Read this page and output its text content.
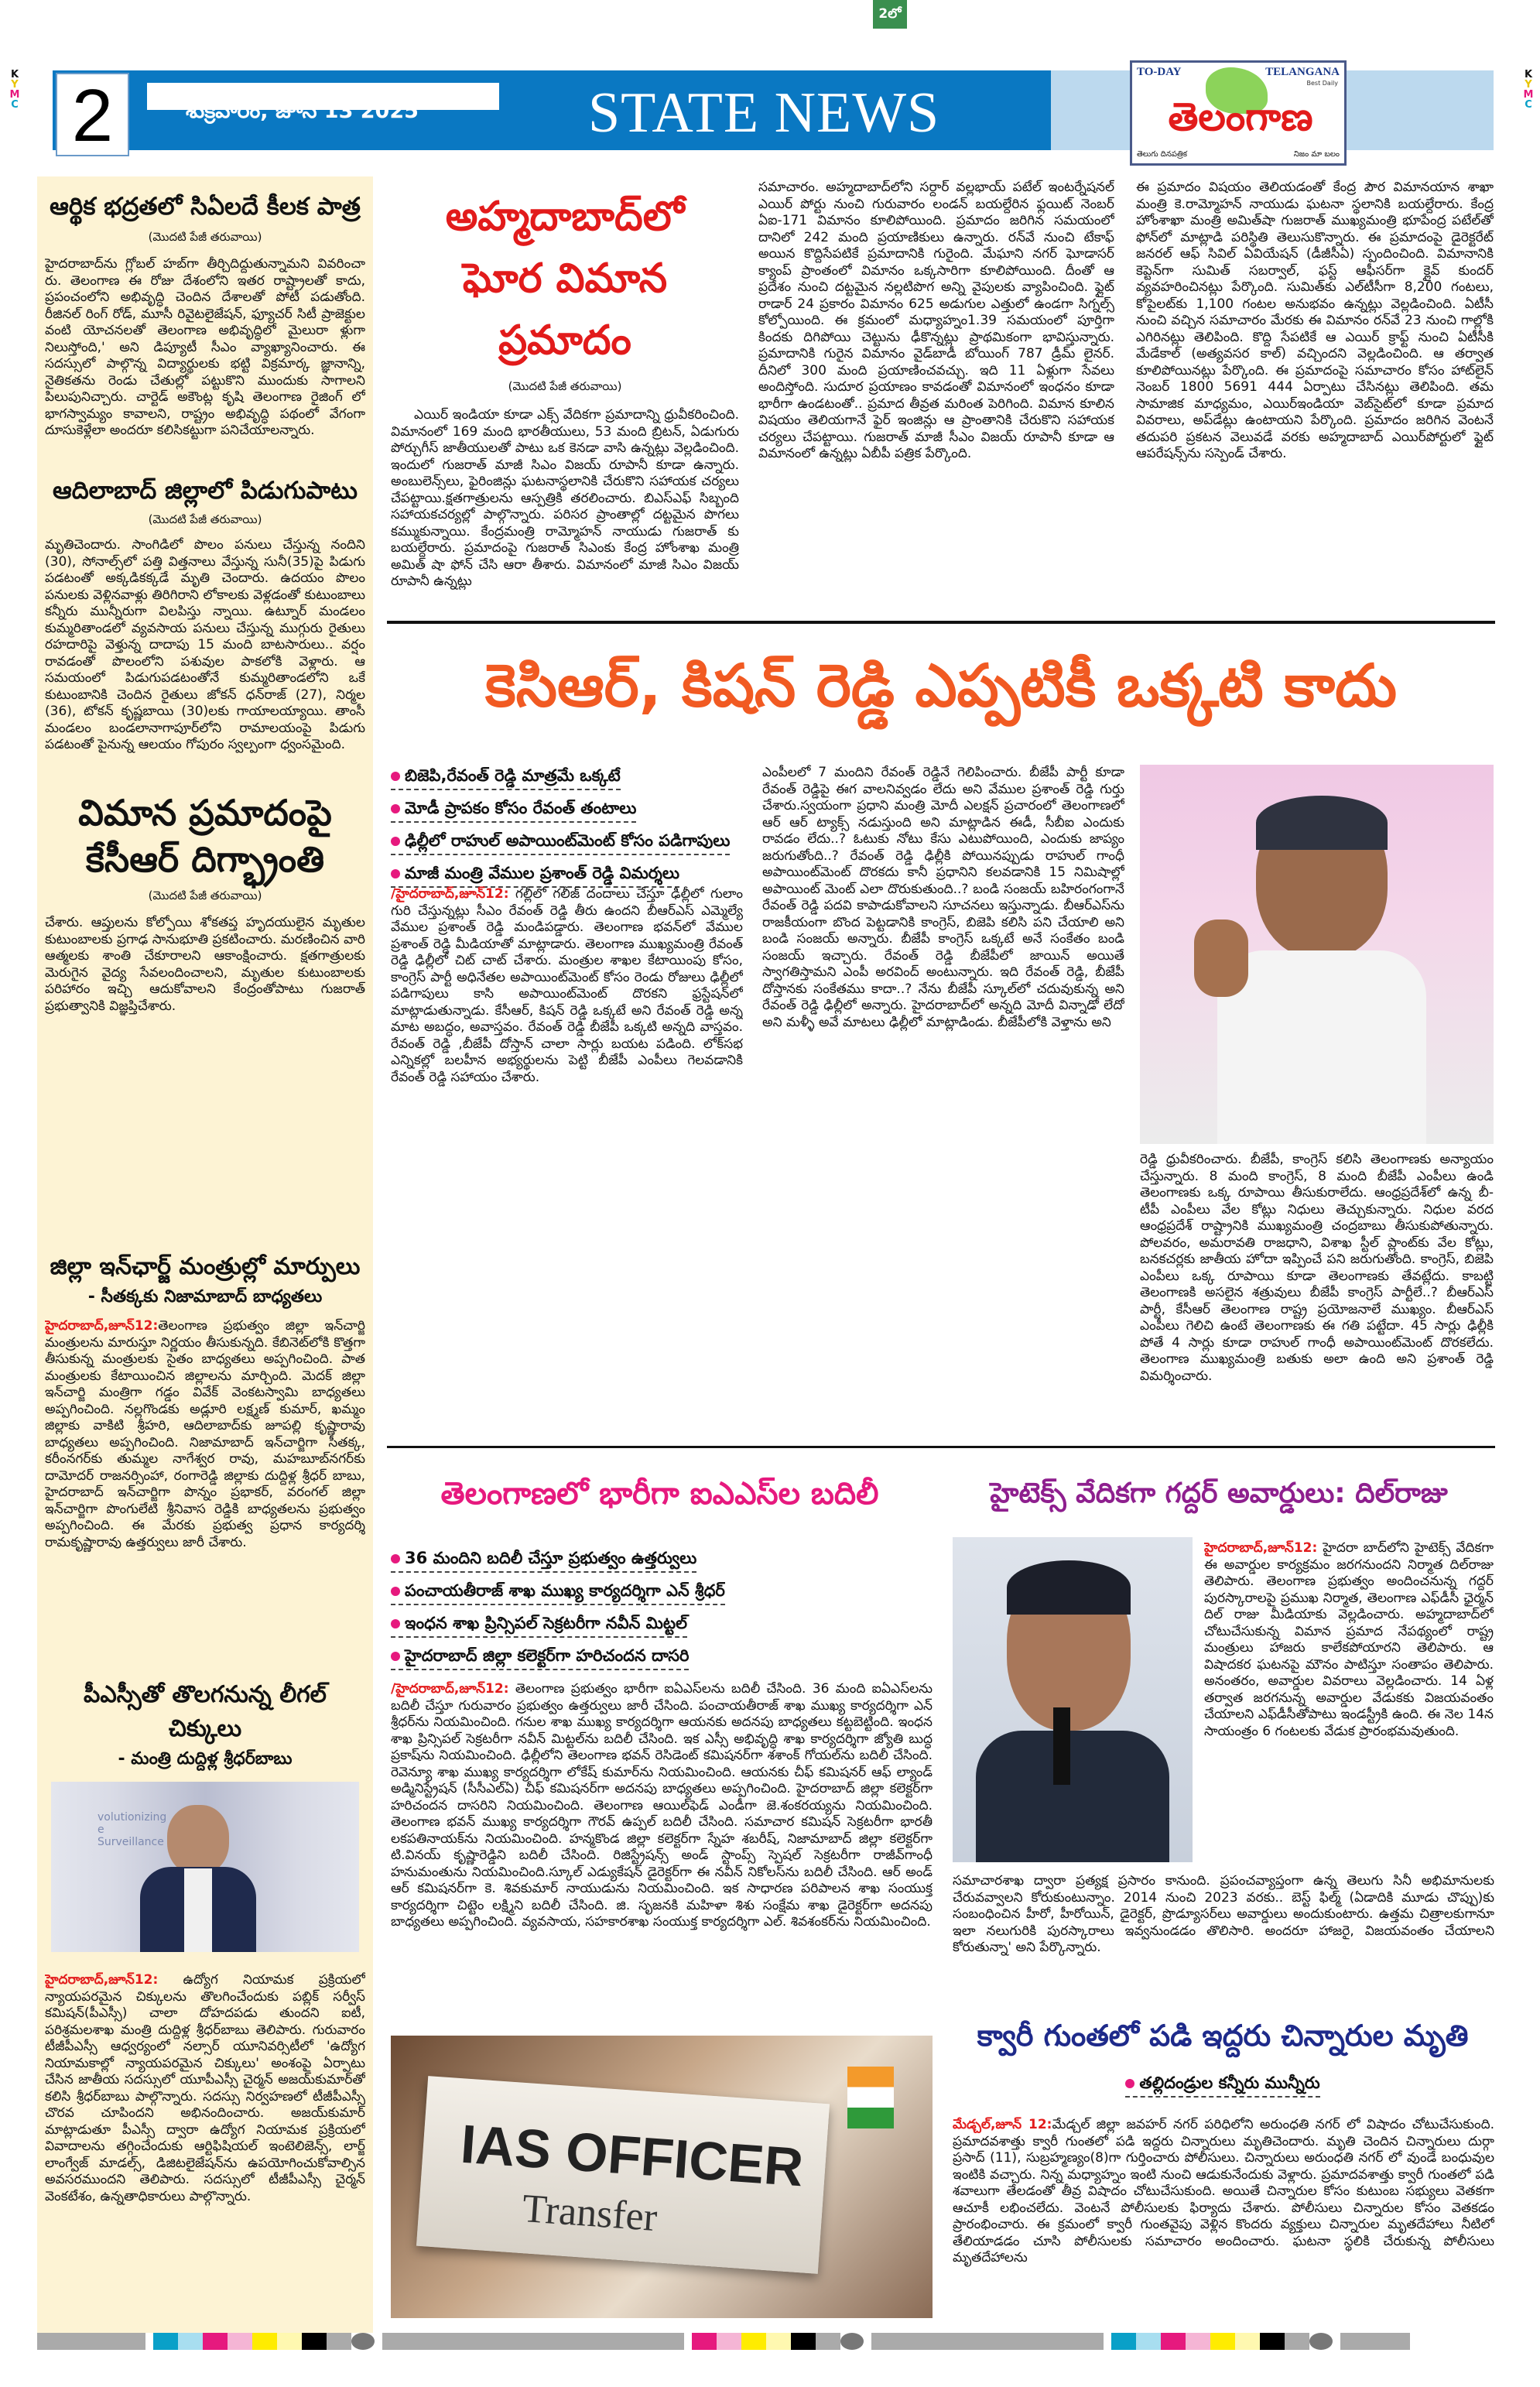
2లో
K
Y
M
C
K
Y
M
C
2	శుక్రవారం, జూన్ 13 2025	STATE NEWS
TO-DAY	TELANGANA
Best Daily
తెలంగాణ
తెలుగు దినపత్రిక	నిజం మా బలం
ఆర్థిక భద్రతలో సిఏలదే కీలక పాత్ర
(మొదటి పేజీ తరువాయి)
హైదరాబాద్‌ను గ్లోబల్ హబ్‌గా తీర్చిదిద్దుతున్నామని వివరించా రు. తెలంగాణ ఈ రోజు దేశంలోని ఇతర రాష్ట్రాలతో కాదు, ప్రపంచంలోని అభివృద్ధి చెందిన దేశాలతో పోటీ పడుతోంది. రీజినల్ రింగ్ రోడ్, మూసీ రివైటలైజేషన్, ఫ్యూచర్ సిటీ ప్రాజెక్టుల వంటి యోచనలతో తెలంగాణ అభివృద్ధిలో మైలురా ళ్లుగా నిలుస్తోంది,' అని డిప్యూటీ సీఎం వ్యాఖ్యానించారు. ఈ సదస్సులో పాల్గొన్న విద్యార్థులకు భట్టి విక్రమార్క జ్ఞానాన్ని, నైతికతను రెండు చేతుల్లో పట్టుకొని ముందుకు సాగాలని పిలుపునిచ్చారు. చార్టెడ్ అకౌంట్ల కృషి తెలంగాణ రైజింగ్ లో భాగస్వామ్యం కావాలని, రాష్ట్రం అభివృద్ధి పథంలో వేగంగా దూసుకెళ్లేలా అందరూ కలిసికట్టుగా పనిచేయాలన్నారు.
ఆదిలాబాద్ జిల్లాలో పిడుగుపాటు
(మొదటి పేజీ తరువాయి)
మృతిచెందారు. సాంగిడిలో పొలం పనులు చేస్తున్న నందిని (30), సోనాల్స్‌లో పత్తి విత్తనాలు వేస్తున్న సునీ(35)పై పిడుగు పడటంతో అక్కడికక్కడే మృతి చెందారు. ఉదయం పొలం పనులకు వెళ్లినవాళ్లు తిరిగిరాని లోకాలకు వెళ్లడంతో కుటుంబాలు కన్నీరు మున్నీరుగా విలపిస్తు న్నాయి. ఉట్నూర్ మండలం కుమ్మరితాండలో వ్యవసాయ పనులు చేస్తున్న ముగ్గురు రైతులు రహదారిపై వెళ్తున్న దాదాపు 15 మంది బాటసారులు.. వర్షం రావడంతో పొలంలోని పశువుల పాకలోకి వెళ్లారు. ఆ సమయంలో పిడుగుపడటంతోనే కుమ్మరితాండలోని ఒకే కుటుంబానికి చెందిన రైతులు జోకన్ ధన్‌రాజ్ (27), నిర్మల (36), టోకన్ కృష్ణబాయి (30)లకు గాయాలయ్యాయి. తాంసీ మండలం బండలానాగాపూర్‌లోని రామాలయంపై పిడుగు పడటంతో పైనున్న ఆలయం గోపురం స్వల్పంగా ధ్వంసమైంది.
విమాన ప్రమాదంపై కేసీఆర్ దిగ్భ్రాంతి
(మొదటి పేజీ తరువాయి)
చేశారు. ఆప్తులను కోల్పోయి శోకతప్త హృదయులైన మృతుల కుటుంబాలకు ప్రగాఢ సానుభూతి ప్రకటించారు. మరణించిన వారి ఆత్మలకు శాంతి చేకూరాలని ఆకాంక్షించారు. క్షతగాత్రులకు మెరుగైన వైద్య సేవలందించాలని, మృతుల కుటుంబాలకు పరిహారం ఇచ్చి ఆదుకోవాలని కేంద్రంతోపాటు గుజరాత్ ప్రభుత్వానికి విజ్ఞప్తిచేశారు.
జిల్లా ఇన్‌ఛార్జ్ మంత్రుల్లో మార్పులు
- సీతక్కకు నిజామాబాద్ బాధ్యతలు
హైదరాబాద్,జూన్12:తెలంగాణ ప్రభుత్వం జిల్లా ఇన్‌చార్జి మంత్రులను మారుస్తూ నిర్ణయం తీసుకున్నది. కేబినెట్‌లోకి కొత్తగా తీసుకున్న మంత్రులకు సైతం బాధ్యతలు అప్పగించింది. పాత మంత్రులకు కేటాయించిన జిల్లాలను మార్చింది. మెదక్ జిల్లా ఇన్‌చార్జి మంత్రిగా గడ్డం వివేక్ వెంకటస్వామి బాధ్యతలు అప్పగించింది. నల్లగొండకు అడ్లూరి లక్ష్మణ్ కుమార్, ఖమ్మం జిల్లాకు వాకిటి శ్రీహరి, ఆదిలాబాద్‌కు జూపల్లి కృష్ణారావు బాధ్యతలు అప్పగించింది. నిజామాబాద్ ఇన్‌చార్జిగా సీతక్క, కరీంనగర్‌కు తుమ్మల నాగేశ్వర రావు, మహబూబ్‌నగర్‌కు దామోదర్ రాజనర్సింహా, రంగారెడ్డి జిల్లాకు దుద్దిళ్ల శ్రీధర్ బాబు, హైదరాబాద్ ఇన్‌చార్జిగా పొన్నం ప్రభాకర్, వరంగల్ జిల్లా ఇన్‌చార్జిగా పొంగులేటి శ్రీనివాస రెడ్డికి బాధ్యతలను ప్రభుత్వం అప్పగించింది. ఈ మేరకు ప్రభుత్వ ప్రధాన కార్యదర్శి రామకృష్ణారావు ఉత్తర్వులు జారీ చేశారు.
పీఎస్సీతో తొలగనున్న లీగల్ చిక్కులు
- మంత్రి దుద్దిళ్ల శ్రీధర్‌బాబు
volutionizing e Surveillance
హైదరాబాద్,జూన్12: ఉద్యోగ నియామక ప్రక్రియలో న్యాయపరమైన చిక్కులను తొలగించేందుకు పబ్లిక్ సర్వీస్ కమిషన్(పీఎస్సీ) చాలా దోహదపడు తుందని ఐటీ, పరిశ్రమలశాఖ మంత్రి దుద్దిళ్ల శ్రీధర్‌బాబు తెలిపారు. గురువారం టీజీపీఎస్సీ ఆధ్వర్యంలో నల్సార్ యూనివర్సిటీలో 'ఉద్యోగ నియామకాల్లో న్యాయపరమైన చిక్కులు' అంశంపై ఏర్పాటు చేసిన జాతీయ సదస్సులో యూపీఎస్సీ చైర్మన్ అజయ్‌కుమార్‌తో కలిసి శ్రీధర్‌బాబు పాల్గొన్నారు. సదస్సు నిర్వహణలో టీజీపీఎస్సీ చొరవ చూపిందని అభినందించారు. అజయ్‌కుమార్ మాట్లాడుతూ పీఎస్సీ ద్వారా ఉద్యోగ నియామక ప్రక్రియలో వివాదాలను తగ్గించేందుకు ఆర్టిఫిషియల్ ఇంటెలిజెన్స్, లార్జ్ లాంగ్వేజ్ మాడల్స్, డిజిటలైజేషన్‌ను ఉపయోగించుకోవాల్సిన అవసరముందని తెలిపారు. సదస్సులో టీజీపీఎస్సీ చైర్మన్ వెంకటేశం, ఉన్నతాధికారులు పాల్గొన్నారు.
అహ్మదాబాద్‌లో
ఘోర విమాన ప్రమాదం
(మొదటి పేజీ తరువాయి)
ఎయిర్ ఇండియా కూడా ఎక్స్ వేదికగా ప్రమాదాన్ని ధ్రువీకరించింది. విమానంలో 169 మంది భారతీయులు, 53 మంది బ్రిటన్, ఏడుగురు పోర్చుగీస్ జాతీయులతో పాటు ఒక కెనడా వాసి ఉన్నట్లు వెల్లడించింది. ఇందులో గుజరాత్ మాజీ సిఎం విజయ్ రూపానీ కూడా ఉన్నారు. అంబులెన్స్‌లు, ఫైరింజిన్లు ఘటనాస్థలానికి చేరుకొని సహాయక చర్యలు చేపట్టాయి.క్షతగాత్రులను ఆస్పత్రికి తరలించారు. బిఎస్‌ఎఫ్ సిబ్బంది సహాయకచర్యల్లో పాల్గొన్నారు. పరిసర ప్రాంతాల్లో దట్టమైన పొగలు కమ్ముకున్నాయి. కేంద్రమంత్రి రామ్మోహన్ నాయుడు గుజరాత్ కు బయల్దేరారు. ప్రమాదంపై గుజరాత్ సిఎంకు కేంద్ర హోంశాఖ మంత్రి అమిత్ షా ఫోన్ చేసి ఆరా తీశారు. విమానంలో మాజీ సిఎం విజయ్ రూపానీ ఉన్నట్లు
సమాచారం. అహ్మదాబాద్‌లోని సర్దార్ వల్లభాయ్ పటేల్ ఇంటర్నేషనల్ ఎయిర్ పోర్టు నుంచి గురువారం లండన్ బయల్దేరిన ఫ్లయిట్ నెంబర్ ఏఐ-171 విమానం కూలిపోయింది. ప్రమాదం జరిగిన సమయంలో దానిలో 242 మంది ప్రయాణికులు ఉన్నారు. రన్‌వే నుంచి టేకాఫ్ అయిన కొద్దిసేపటికే ప్రమాదానికి గురైంది. మేఘాని నగర్ ఘోడాసర్ క్యాంప్ ప్రాంతంలో విమానం ఒక్కసారిగా కూలిపోయింది. దీంతో ఆ ప్రదేశం నుంచి దట్టమైన నల్లటిపొగ అన్ని వైపులకు వ్యాపించింది. ఫ్లైట్ రాడార్ 24 ప్రకారం విమానం 625 అడుగుల ఎత్తులో ఉండగా సిగ్నల్స్ కోల్పోయింది. ఈ క్రమంలో మధ్యాహ్నం1.39 సమయంలో పూర్తిగా కిందకు దిగిపోయి చెట్టును ఢీకొన్నట్లు ప్రాథమికంగా భావిస్తున్నారు. ప్రమాదానికి గురైన విమానం వైడ్‌బాడీ బోయింగ్ 787 డ్రీమ్ లైనర్. దీనిలో 300 మంది ప్రయాణించవచ్చు. ఇది 11 ఏళ్లుగా సేవలు అందిస్తోంది. సుదూర ప్రయాణం కావడంతో విమానంలో ఇంధనం కూడా భారీగా ఉండటంతో.. ప్రమాద తీవ్రత మరింత పెరిగింది. విమాన కూలిన విషయం తెలియగానే ఫైర్ ఇంజిన్లు ఆ ప్రాంతానికి చేరుకొని సహాయక చర్యలు చేపట్టాయి. గుజరాత్ మాజీ సీఎం విజయ్ రూపానీ కూడా ఆ విమానంలో ఉన్నట్లు ఏబీపీ పత్రిక పేర్కొంది.
ఈ ప్రమాదం విషయం తెలియడంతో కేంద్ర పౌర విమానయాన శాఖా మంత్రి కె.రామ్మోహన్ నాయుడు ఘటనా స్థలానికి బయల్దేరారు. కేంద్ర హోంశాఖా మంత్రి అమిత్‌షా గుజరాత్ ముఖ్యమంత్రి భూపేంద్ర పటేల్‌తో ఫోన్‌లో మాట్లాడి పరిస్థితి తెలుసుకొన్నారు. ఈ ప్రమాదంపై డైరెక్టరేట్ జనరల్ ఆఫ్ సివిల్ ఏవియేషన్ (డీజీసీఏ) స్పందించింది. విమానానికి కెప్టెన్‌గా సుమిత్ సబర్వాల్, ఫస్ట్ ఆఫీసర్‌గా క్లైవ్ కుందర్ వ్యవహరించినట్లు పేర్కొంది. సుమిత్‌కు ఎల్‌టీసీగా 8,200 గంటలు, కోపైలట్‌కు 1,100 గంటల అనుభవం ఉన్నట్లు వెల్లడించింది. ఏటీసీ నుంచి వచ్చిన సమాచారం మేరకు ఈ విమానం రన్‌వే 23 నుంచి గాల్లోకి ఎగిరినట్లు తెలిపింది. కొద్ది సేపటికే ఆ ఎయిర్ క్రాఫ్ట్ నుంచి ఏటీసీకి మేడేకాల్ (అత్యవసర కాల్) వచ్చిందని వెల్లడించింది. ఆ తర్వాత కూలిపోయినట్లు పేర్కొంది. ఈ ప్రమాదంపై సమాచారం కోసం హాట్‌లైన్ నెంబర్ 1800 5691 444 ఏర్పాటు చేసినట్లు తెలిపింది. తమ సామాజిక మాధ్యమం, ఎయిర్‌ఇండియా వెబ్‌సైట్‌లో కూడా ప్రమాద వివరాలు, అప్‌డేట్లు ఉంటాయని పేర్కొంది. ప్రమాదం జరిగిన వెంటనే తదుపరి ప్రకటన వెలువడే వరకు అహ్మదాబాద్ ఎయిర్‌పోర్టులో ఫ్లైట్ ఆపరేషన్స్‌ను సస్పెండ్ చేశారు.
కెసిఆర్, కిషన్ రెడ్డి ఎప్పటికీ ఒక్కటి కాదు
బిజెపి,రేవంత్ రెడ్డి మాత్రమే ఒక్కటే
మోడీ ప్రాపకం కోసం రేవంత్ తంటాలు
ఢిల్లీలో రాహుల్ అపాయింట్‌మెంట్ కోసం పడిగాపులు
మాజీ మంత్రి వేముల ప్రశాంత్ రెడ్డి విమర్శలు
/హైదరాబాద్,జూన్12: గల్లీలో గలీజ్ దందాలు చేస్తూ ఢిల్లీలో గులాం గురి చేస్తున్నట్లు సీఎం రేవంత్ రెడ్డి తీరు ఉందని బీఆర్ఎస్ ఎమ్మెల్యే వేముల ప్రశాంత్ రెడ్డి మండిపడ్డారు. తెలంగాణ భవన్‌లో వేముల ప్రశాంత్ రెడ్డి మీడియాతో మాట్లాడారు. తెలంగాణ ముఖ్యమంత్రి రేవంత్ రెడ్డి ఢిల్లీలో చిట్ చాట్ చేశారు. మంత్రుల శాఖల కేటాయింపు కోసం, కాంగ్రెస్ పార్టీ అధినేతల అపాయింట్‌మెంట్ కోసం రెండు రోజులు ఢిల్లీలో పడిగాపులు కాసి అపాయింట్‌మెంట్ దొరకని ఫ్రస్టేషన్‌లో మాట్లాడుతున్నాడు. కేసీఆర్, కిషన్ రెడ్డి ఒక్కటే అని రేవంత్ రెడ్డి అన్న మాట అబద్ధం, అవాస్తవం. రేవంత్ రెడ్డి బీజేపీ ఒక్కటి అన్నది వాస్తవం. రేవంత్ రెడ్డి ,బీజేపీ దోస్తాన్ చాలా సార్లు బయట పడింది. లోక్‌సభ ఎన్నికల్లో బలహీన అభ్యర్థులను పెట్టి బీజేపీ ఎంపీలు గెలవడానికి రేవంత్ రెడ్డి సహాయం చేశారు.
ఎంపీలలో 7 మందిని రేవంత్ రెడ్డినే గెలిపించారు. బీజేపీ పార్టీ కూడా రేవంత్ రెడ్డిపై ఈగ వాలనివ్వడం లేదు అని వేముల ప్రశాంత్ రెడ్డి గుర్తు చేశారు.స్వయంగా ప్రధాని మంత్రి మోదీ ఎలక్షన్ ప్రచారంలో తెలంగాణలో ఆర్ ఆర్ ట్యాక్స్ నడుస్తుంది అని మాట్లాడిన ఈడీ, సీబీఐ ఎందుకు రావడం లేదు..? ఓటుకు నోటు కేసు ఎటుపోయింది, ఎందుకు జాప్యం జరుగుతోంది..? రేవంత్ రెడ్డి ఢిల్లీకి పోయినప్పుడు రాహుల్ గాంధీ అపాయింట్‌మెంట్ దొరకదు కానీ ప్రధానిని కలవడానికి 15 నిమిషాల్లో అపాయింట్ మెంట్ ఎలా దొరుకుతుంది..? బండి సంజయ్ బహిరంగంగానే రేవంత్ రెడ్డి పదవి కాపాడుకోవాలని సూచనలు ఇస్తున్నాడు. బీఆర్ఎస్‌ను రాజకీయంగా బొంద పెట్టడానికి కాంగ్రెస్, బిజెపి కలిసి పని చేయాలి అని బండి సంజయ్ అన్నారు. బీజేపీ కాంగ్రెస్ ఒక్కటే అనే సంకేతం బండి సంజయ్ ఇచ్చారు. రేవంత్ రెడ్డి బీజేపీలో జాయిన్ అయితే స్వాగతిస్తామని ఎంపీ అరవింద్ అంటున్నారు. ఇది రేవంత్ రెడ్డి, బీజేపీ దోస్తానకు సంకేతము కాదా..? నేను బీజేపీ స్కూల్‌లో చదువుకున్న అని రేవంత్ రెడ్డి ఢిల్లీలో అన్నారు. హైదరాబాద్‌లో అన్నది మోదీ విన్నాడో లేదో అని మళ్ళీ అవే మాటలు ఢిల్లీలో మాట్లాడిండు. బీజేపీలోకి వెళ్తాను అని
రెడ్డి ధ్రువీకరించారు. బీజేపీ, కాంగ్రెస్ కలిసి తెలంగాణకు అన్యాయం చేస్తున్నారు. 8 మంది కాంగ్రెస్, 8 మంది బీజేపీ ఎంపీలు ఉండి తెలంగాణకు ఒక్క రూపాయి తీసుకురాలేదు. ఆంధ్రప్రదేశ్‌లో ఉన్న బీ-టీపీ ఎంపీలు వేల కోట్లు నిధులు తెచ్చుకున్నారు. నిధుల వరద ఆంధ్రప్రదేశ్ రాష్ట్రానికి ముఖ్యమంత్రి చంద్రబాబు తీసుకుపోతున్నారు. పోలవరం, అమరావతి రాజధాని, విశాఖ స్టీల్ ప్లాంట్‌కు వేల కోట్లు, బనకచర్లకు జాతీయ హోదా ఇప్పించే పని జరుగుతోంది. కాంగ్రెస్, బిజెపి ఎంపీలు ఒక్క రూపాయి కూడా తెలంగాణకు తేవట్లేదు. కాబట్టి తెలంగాణకి అసలైన శత్రువులు బీజేపీ కాంగ్రెస్ పార్టీలే..? బీఆర్ఎస్ పార్టీ, కేసీఆర్ తెలంగాణ రాష్ట్ర ప్రయోజనాలే ముఖ్యం. బీఆర్ఎస్ ఎంపీలు గెలిచి ఉంటే తెలంగాణకు ఈ గతి పట్టేదా. 45 సార్లు ఢిల్లీకి పోతే 4 సార్లు కూడా రాహుల్ గాంధీ అపాయింట్‌మెంట్ దొరకలేదు. తెలంగాణ ముఖ్యమంత్రి బతుకు అలా ఉంది అని ప్రశాంత్ రెడ్డి విమర్శించారు.
తెలంగాణలో భారీగా ఐఎఎస్‌ల బదిలీ
36 మందిని బదిలీ చేస్తూ ప్రభుత్వం ఉత్తర్వులు
పంచాయతీరాజ్ శాఖ ముఖ్య కార్యదర్శిగా ఎన్ శ్రీధర్
ఇంధన శాఖ ప్రిన్సిపల్ సెక్రటరీగా నవీన్ మిట్టల్
హైదరాబాద్ జిల్లా కలెక్టర్‌గా హరిచందన దాసరి
/హైదరాబాద్,జూన్12: తెలంగాణ ప్రభుత్వం భారీగా ఐఏఎస్‌లను బదిలీ చేసింది. 36 మంది ఐఏఎస్‌లను బదిలీ చేస్తూ గురువారం ప్రభుత్వం ఉత్తర్వులు జారీ చేసింది. పంచాయతీరాజ్ శాఖ ముఖ్య కార్యదర్శిగా ఎన్ శ్రీధర్‌ను నియమించింది. గనుల శాఖ ముఖ్య కార్యదర్శిగా ఆయనకు అదనపు బాధ్యతలు కట్టబెట్టింది. ఇంధన శాఖ ప్రిన్సిపల్ సెక్రటరీగా నవీన్ మిట్టల్‌ను బదిలీ చేసింది. ఇక ఎస్సీ అభివృద్ధి శాఖ కార్యదర్శిగా జ్యోతి బుద్ధ ప్రకాష్‌ను నియమించింది. ఢిల్లీలోని తెలంగాణ భవన్ రెసిడెంట్ కమిషనర్‌గా శశాంక్ గోయల్‌ను బదిలీ చేసింది. రెవెన్యూ శాఖ ముఖ్య కార్యదర్శిగా లోకేష్ కుమార్‌ను నియమించింది. ఆయనకు చీఫ్ కమిషనర్ ఆఫ్ ల్యాండ్ అడ్మినిస్ట్రేషన్ (సీసీఎల్‌ఏ) చీఫ్ కమిషనర్‌గా అదనపు బాధ్యతలు అప్పగించింది. హైదరాబాద్ జిల్లా కలెక్టర్‌గా హరిచందన దాసరిని నియమించింది. తెలంగాణ ఆయిల్‌ఫెడ్ ఎండీగా జె.శంకరయ్యను నియమించింది. తెలంగాణ భవన్ ముఖ్య కార్యదర్శిగా గౌరవ్ ఉప్పల్ బదిలీ చేసింది. సమాచార కమిషన్ సెక్రటరీగా భారతీ లకపతినాయక్‌ను నియమించింది. హన్మకొండ జిల్లా కలెక్టర్‌గా స్నేహ శబరీష్, నిజామాబాద్ జిల్లా కలెక్టర్‌గా టి.వినయ్ కృష్ణారెడ్డిని బదిలీ చేసింది. రిజిస్ట్రేషన్స్ అండ్ స్టాంప్స్ స్పెషల్ సెక్రటరీగా రాజీవ్‌గాంధీ హనుమంతును నియమించింది.స్కూల్ ఎడ్యుకేషన్ డైరెక్టర్‌గా ఈ నవీన్ నికోలస్‌ను బదిలీ చేసింది. ఆర్ అండ్ ఆర్ కమిషనర్‌గా కె. శివకుమార్ నాయుడును నియమించింది. ఇక సాధారణ పరిపాలన శాఖ సంయుక్త కార్యదర్శిగా చిట్టెం లక్ష్మిని బదిలీ చేసింది. జి. సృజనకి మహిళా శిశు సంక్షేమ శాఖ డైరెక్టర్‌గా అదనపు బాధ్యతలు అప్పగించింది. వ్యవసాయ, సహకారశాఖ సంయుక్త కార్యదర్శిగా ఎల్. శివశంకర్‌ను నియమించింది.
IAS OFFICER
Transfer
హైటెక్స్ వేదికగా గద్దర్ అవార్డులు: దిల్‌రాజు
హైదరాబాద్,జూన్12: హైదరా బాద్‌లోని హైటెక్స్ వేదికగా ఈ అవార్డుల కార్యక్రమం జరగనుందని నిర్మాత దిల్‌రాజు తెలిపారు. తెలంగాణ ప్రభుత్వం అందించనున్న గద్దర్ పురస్కారాలపై ప్రముఖ నిర్మాత, తెలంగాణ ఎఫ్‌డీసీ ఛైర్మన్ దిల్ రాజు మీడియాకు వెల్లడించారు. అహ్మదాబాద్‌లో చోటుచేసుకున్న విమాన ప్రమాద నేపథ్యంలో రాష్ట్ర మంత్రులు హాజరు కాలేకపోయారని తెలిపారు. ఆ విషాదకర ఘటనపై మౌనం పాటిస్తూ సంతాపం తెలిపారు. అనంతరం, అవార్డుల వివరాలు వెల్లడించారు. 14 ఏళ్ల తర్వాత జరగనున్న అవార్డుల వేడుకకు విజయవంతం చేయాలని ఎఫ్‌డీసీతోపాటు ఇండస్ట్రీకి ఉంది. ఈ నెల 14న సాయంత్రం 6 గంటలకు వేడుక ప్రారంభమవుతుంది.
సమాచారశాఖ ద్వారా ప్రత్యక్ష ప్రసారం కానుంది. ప్రపంచవ్యాప్తంగా ఉన్న తెలుగు సినీ అభిమానులకు చేరువవ్వాలని కోరుకుంటున్నాం. 2014 నుంచి 2023 వరకు.. బెస్ట్ ఫిల్మ్ (ఏడాదికి మూడు చొప్పు)కు సంబంధించిన హీరో, హీరోయిన్, డైరెక్టర్, ప్రొడ్యూసర్‌లు అవార్డులు అందుకుంటారు. ఉత్తమ చిత్రాలకుగానూ ఇలా నలుగురికి పురస్కారాలు ఇవ్వనుండడం తొలిసారి. అందరూ హాజరై, విజయవంతం చేయాలని కోరుతున్నా' అని పేర్కొన్నారు.
క్వారీ గుంతలో పడి ఇద్దరు చిన్నారుల మృతి
తల్లిదండ్రుల కన్నీరు మున్నీరు
మేడ్చల్,జూన్ 12:మేడ్చల్ జిల్లా జవహర్ నగర్ పరిధిలోని అరుంధతి నగర్ లో విషాదం చోటుచేసుకుంది. ప్రమాదవశాత్తు క్వారీ గుంతలో పడి ఇద్దరు చిన్నారులు మృతిచెందారు. మృతి చెందిన చిన్నారులు దుర్గా ప్రసాద్ (11), సుబ్రహ్మణ్యం(8)గా గుర్తించారు పోలీసులు. చిన్నారులు అరుంధతి నగర్ లో వుండే బంధువుల ఇంటికి వచ్చారు. నిన్న మధ్యాహ్నం ఇంటి నుంచి ఆడుకునేందుకు వెళ్లారు. ప్రమాదవశాత్తు క్వారీ గుంతలో పడి శవాలుగా తేలడంతో తీవ్ర విషాదం చోటుచేసుకుంది. అయితే చిన్నారుల కోసం కుటుంబ సభ్యులు వెతకగా ఆచూకీ లభించలేదు. వెంటనే పోలీసులకు ఫిర్యాదు చేశారు. పోలీసులు చిన్నారుల కోసం వెతకడం ప్రారంభించారు. ఈ క్రమంలో క్వారీ గుంతవైపు వెళ్లిన కొందరు వ్యక్తులు చిన్నారుల మృతదేహాలు నీటిలో తేలియాడడం చూసి పోలీసులకు సమాచారం అందించారు. ఘటనా స్థలికి చేరుకున్న పోలీసులు మృతదేహాలను
